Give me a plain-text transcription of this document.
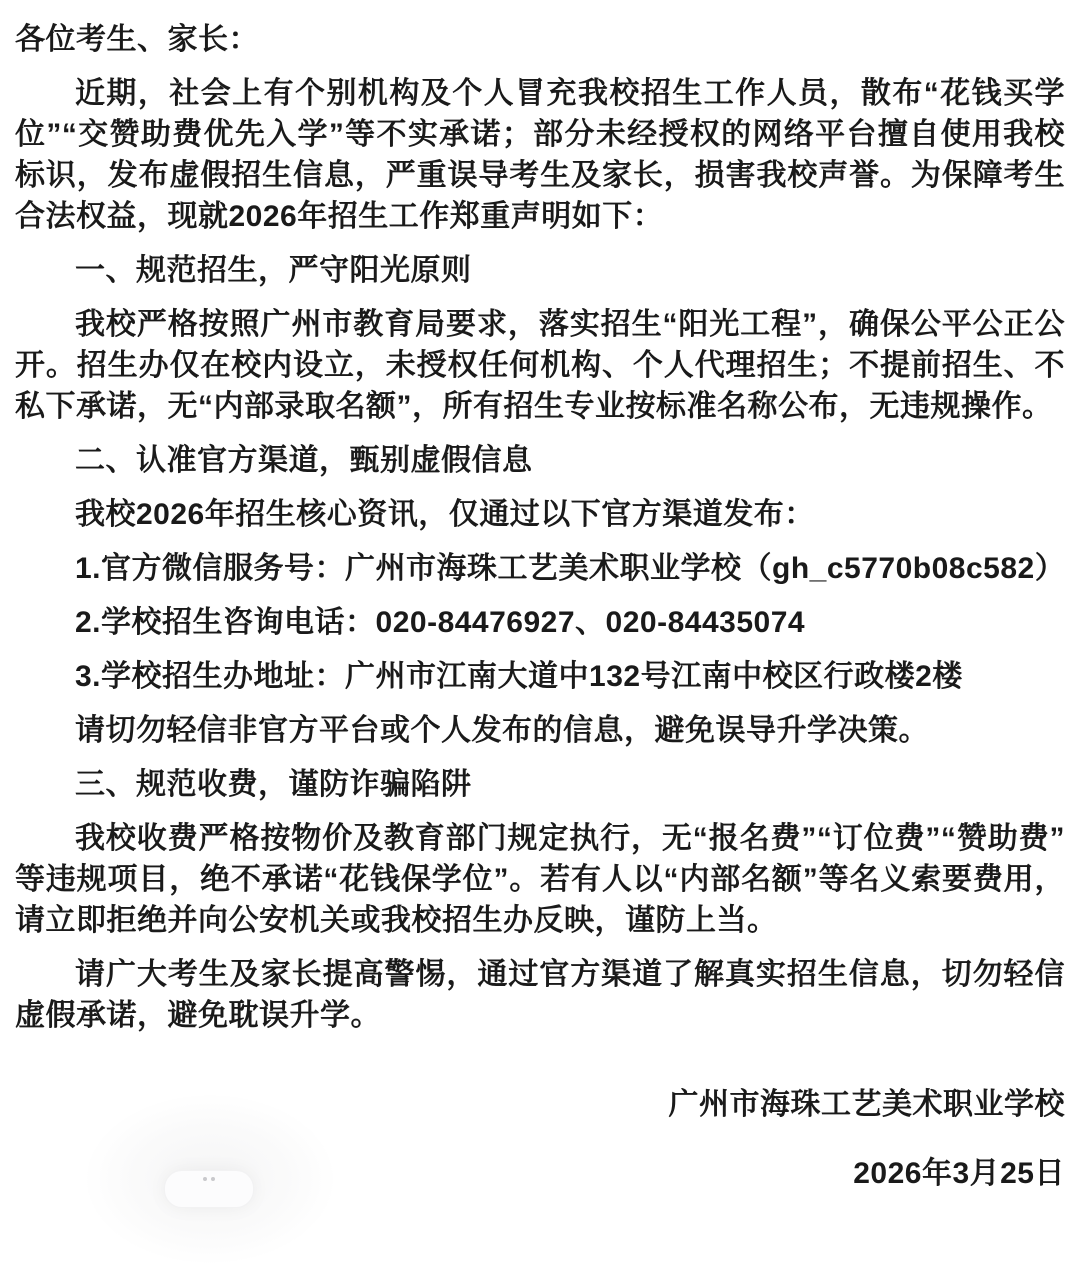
各位考生、家长：

近期，社会上有个别机构及个人冒充我校招生工作人员，散布“花钱买学位”“交赞助费优先入学”等不实承诺；部分未经授权的网络平台擅自使用我校标识，发布虚假招生信息，严重误导考生及家长，损害我校声誉。为保障考生合法权益，现就2026年招生工作郑重声明如下：

一、规范招生，严守阳光原则

我校严格按照广州市教育局要求，落实招生“阳光工程”，确保公平公正公开。招生办仅在校内设立，未授权任何机构、个人代理招生；不提前招生、不私下承诺，无“内部录取名额”，所有招生专业按标准名称公布，无违规操作。

二、认准官方渠道，甄别虚假信息

我校2026年招生核心资讯，仅通过以下官方渠道发布：

1.官方微信服务号：广州市海珠工艺美术职业学校（gh_c5770b08c582）

2.学校招生咨询电话：020-84476927、020-84435074

3.学校招生办地址：广州市江南大道中132号江南中校区行政楼2楼

请切勿轻信非官方平台或个人发布的信息，避免误导升学决策。

三、规范收费，谨防诈骗陷阱

我校收费严格按物价及教育部门规定执行，无“报名费”“订位费”“赞助费”等违规项目，绝不承诺“花钱保学位”。若有人以“内部名额”等名义索要费用，请立即拒绝并向公安机关或我校招生办反映，谨防上当。

请广大考生及家长提高警惕，通过官方渠道了解真实招生信息，切勿轻信虚假承诺，避免耽误升学。

广州市海珠工艺美术职业学校

2026年3月25日
